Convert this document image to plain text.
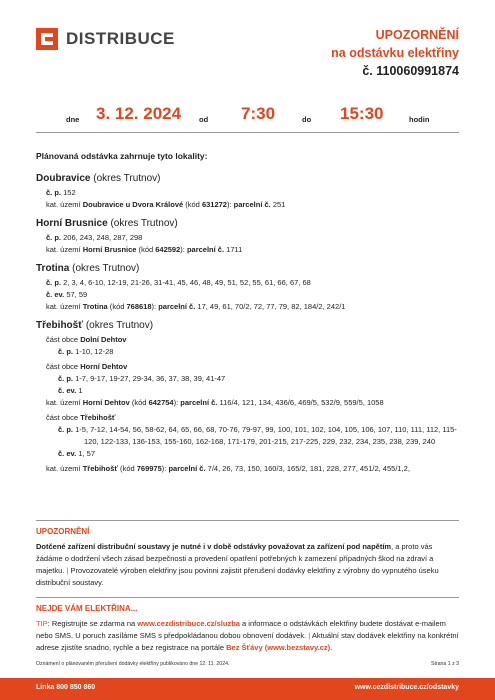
DISTRIBUCE	UPOZORNĚNÍ
na odstávku elektřiny
č. 110060991874
dne 3. 12. 2024 od 7:30	do 15:30	hodin
Plánovaná odstávka zahrnuje tyto lokality:
Doubravice (okres Trutnov)
č. p. 152
kat. území Doubravice u Dvora Králové (kód 631272): parcelní č. 251
Horní Brusnice (okres Trutnov)
č. p. 206, 243, 248, 287, 298
kat. území Horní Brusnice (kód 642592): parcelní č. 1711
Trotina (okres Trutnov)
č. p. 2, 3, 4, 6-10, 12-19, 21-26, 31-41, 45, 46, 48, 49, 51, 52, 55, 61, 66, 67, 68
č. ev. 57, 59
kat. území Trotina (kód 768618): parcelní č. 17, 49, 61, 70/2, 72, 77, 79, 82, 184/2, 242/1
Třebihošť (okres Trutnov)
část obce Dolní Dehtov
č. p. 1-10, 12-28
část obce Horní Dehtov
č. p. 1-7, 9-17, 19-27, 29-34, 36, 37, 38, 39, 41-47
č. ev. 1
kat. území Horní Dehtov (kód 642754): parcelní č. 116/4, 121, 134, 436/6, 469/5, 532/9, 559/5, 1058
část obce Třebihošť
č. p. 1-5, 7-12, 14-54, 56, 58-62, 64, 65, 66, 68, 70-76, 79-97, 99, 100, 101, 102, 104, 105, 106, 107, 110, 111, 112, 115-120, 122-133, 136-153, 155-160, 162-168, 171-179, 201-215, 217-225, 229, 232, 234, 235, 238, 239, 240
č. ev. 1, 57
kat. území Třebihošť (kód 769975): parcelní č. 7/4, 26, 73, 150, 160/3, 165/2, 181, 228, 277, 451/2, 455/1,2,
UPOZORNĚNÍ
Dotčené zařízení distribuční soustavy je nutné i v době odstávky považovat za zařízení pod napětím, a proto vás žádáme o dodržení všech zásad bezpečnosti a provedení opatření potřebných k zamezení případných škod na zdraví a majetku. | Provozovatelé výroben elektřiny jsou povinni zajistit přerušení dodávky elektřiny z výrobny do vypnutého úseku distribuční soustavy.
NEJDE VÁM ELEKTŘINA...
TIP: Registrujte se zdarma na www.cezdistribuce.cz/sluzba a informace o odstávkách elektřiny budete dostávat e-mailem nebo SMS. U poruch zasíláme SMS s předpokládanou dobou obnovení dodávek. | Aktuální stav dodávek elektřiny na konkrétní adrese zjistíte snadno, rychle a bez registrace na portále Bez Šťávy (www.bezstavy.cz).
Oznámení o plánovaném přerušení dodávky elektřiny publikováno dne 12. 11. 2024.	Strana 1 z 3
Linka 800 850 860	www.cezdistribuce.cz/odstavky
